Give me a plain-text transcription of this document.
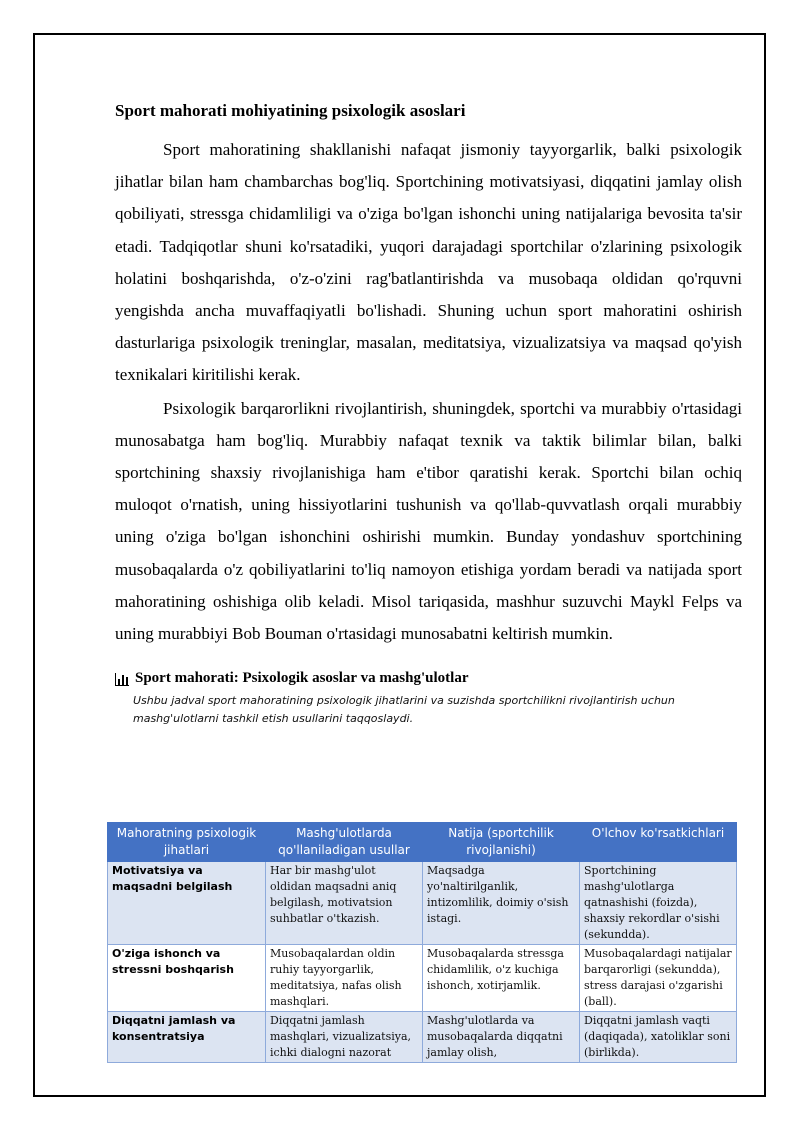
Sport mahorati mohiyatining psixologik asoslari

Sport mahoratining shakllanishi nafaqat jismoniy tayyorgarlik, balki psixologik jihatlar bilan ham chambarchas bog'liq. Sportchining motivatsiyasi, diqqatini jamlay olish qobiliyati, stressga chidamliligi va o'ziga bo'lgan ishonchi uning natijalariga bevosita ta'sir etadi. Tadqiqotlar shuni ko'rsatadiki, yuqori darajadagi sportchilar o'zlarining psixologik holatini boshqarishda, o'z-o'zini rag'batlantirishda va musobaqa oldidan qo'rquvni yengishda ancha muvaffaqiyatli bo'lishadi. Shuning uchun sport mahoratini oshirish dasturlariga psixologik treninglar, masalan, meditatsiya, vizualizatsiya va maqsad qo'yish texnikalari kiritilishi kerak.

Psixologik barqarorlikni rivojlantirish, shuningdek, sportchi va murabbiy o'rtasidagi munosabatga ham bog'liq. Murabbiy nafaqat texnik va taktik bilimlar bilan, balki sportchining shaxsiy rivojlanishiga ham e'tibor qaratishi kerak. Sportchi bilan ochiq muloqot o'rnatish, uning hissiyotlarini tushunish va qo'llab-quvvatlash orqali murabbiy uning o'ziga bo'lgan ishonchini oshirishi mumkin. Bunday yondashuv sportchining musobaqalarda o'z qobiliyatlarini to'liq namoyon etishiga yordam beradi va natijada sport mahoratining oshishiga olib keladi. Misol tariqasida, mashhur suzuvchi Maykl Felps va uning murabbiyi Bob Bouman o'rtasidagi munosabatni keltirish mumkin.

Sport mahorati: Psixologik asoslar va mashg'ulotlar
Ushbu jadval sport mahoratining psixologik jihatlarini va suzishda sportchilikni rivojlantirish uchun mashg'ulotlarni tashkil etish usullarini taqqoslaydi.
Mahoratning psixologik jihatlari	Mashg'ulotlarda qo'llaniladigan usullar	Natija (sportchilik rivojlanishi)	O'lchov ko'rsatkichlari
Motivatsiya va maqsadni belgilash	Har bir mashg'ulot oldidan maqsadni aniq belgilash, motivatsion suhbatlar o'tkazish.	Maqsadga yo'naltirilganlik, intizomlilik, doimiy o'sish istagi.	Sportchining mashg'ulotlarga qatnashishi (foizda), shaxsiy rekordlar o'sishi (sekundda).
O'ziga ishonch va stressni boshqarish	Musobaqalardan oldin ruhiy tayyorgarlik, meditatsiya, nafas olish mashqlari.	Musobaqalarda stressga chidamlilik, o'z kuchiga ishonch, xotirjamlik.	Musobaqalardagi natijalar barqarorligi (sekundda), stress darajasi o'zgarishi (ball).
Diqqatni jamlash va konsentratsiya	Diqqatni jamlash mashqlari, vizualizatsiya, ichki dialogni nazorat	Mashg'ulotlarda va musobaqalarda diqqatni jamlay olish,	Diqqatni jamlash vaqti (daqiqada), xatoliklar soni (birlikda).
